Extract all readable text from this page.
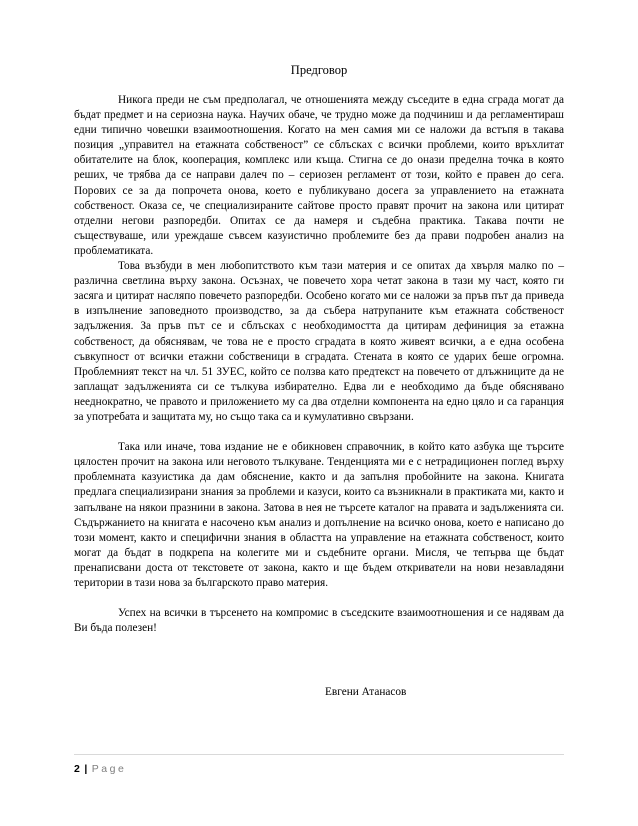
Предговор

Никога преди не съм предполагал, че отношенията между съседите в една сграда могат да бъдат предмет и на сериозна наука. Научих обаче, че трудно може да подчиниш и да регламентираш едни типично човешки взаимоотношения. Когато на мен самия ми се наложи да встъпя в такава позиция „управител на етажната собственост” се сблъсках с всички проблеми, които връхлитат обитателите на блок, кооперация, комплекс или къща. Стигна се до онази пределна точка в която реших, че трябва да се направи далеч по – сериозен регламент от този, който е правен до сега. Порових се за да попрочета онова, което е публикувано досега за управлението на етажната собственост. Оказа се, че специализираните сайтове просто правят прочит на закона или цитират отделни негови разпоредби. Опитах се да намеря и съдебна практика. Такава почти не съществуваше, или уреждаше съвсем казуистично проблемите без да прави подробен анализ на проблематиката.

Това възбуди в мен любопитството към тази материя и се опитах да хвърля малко по – различна светлина върху закона. Осъзнах, че повечето хора четат закона в тази му част, която ги засяга и цитират насляпо повечето разпоредби. Особено когато ми се наложи за пръв път да приведа в изпълнение заповедното производство, за да събера натрупаните към етажната собственост задължения. За пръв път се и сблъсках с необходимостта да цитирам дефиниция за етажна собственост, да обяснявам, че това не е просто сградата в която живеят всички, а е една особена съвкупност от всички етажни собственици в сградата. Стената в която се ударих беше огромна. Проблемният текст на чл. 51 ЗУЕС, който се ползва като предтекст на повечето от длъжниците да не заплащат задълженията си се тълкува избирателно. Едва ли е необходимо да бъде обяснявано нееднократно, че правото и приложението му са два отделни компонента на едно цяло и са гаранция за употребата и защитата му, но също така са и кумулативно свързани.

Така или иначе, това издание не е обикновен справочник, в който като азбука ще търсите цялостен прочит на закона или неговото тълкуване. Тенденцията ми е с нетрадиционен поглед върху проблемната казуистика да дам обяснение, както и да запълня пробойните на закона. Книгата предлага специализирани знания за проблеми и казуси, които са възникнали в практиката ми, както и запълване на някои празнини в закона. Затова в нея не търсете каталог на правата и задълженията си. Съдържанието на книгата е насочено към анализ и допълнение на всичко онова, което е написано до този момент, както и специфични знания в областта на управление на етажната собственост, които могат да бъдат в подкрепа на колегите ми и съдебните органи. Мисля, че тепърва ще бъдат пренаписвани доста от текстовете от закона, както и ще бъдем откриватели на нови незавладяни територии в тази нова за българското право материя.

Успех на всички в търсенето на компромис в съседските взаимоотношения и се надявам да Ви бъда полезен!

Евгени Атанасов
2 | Page
